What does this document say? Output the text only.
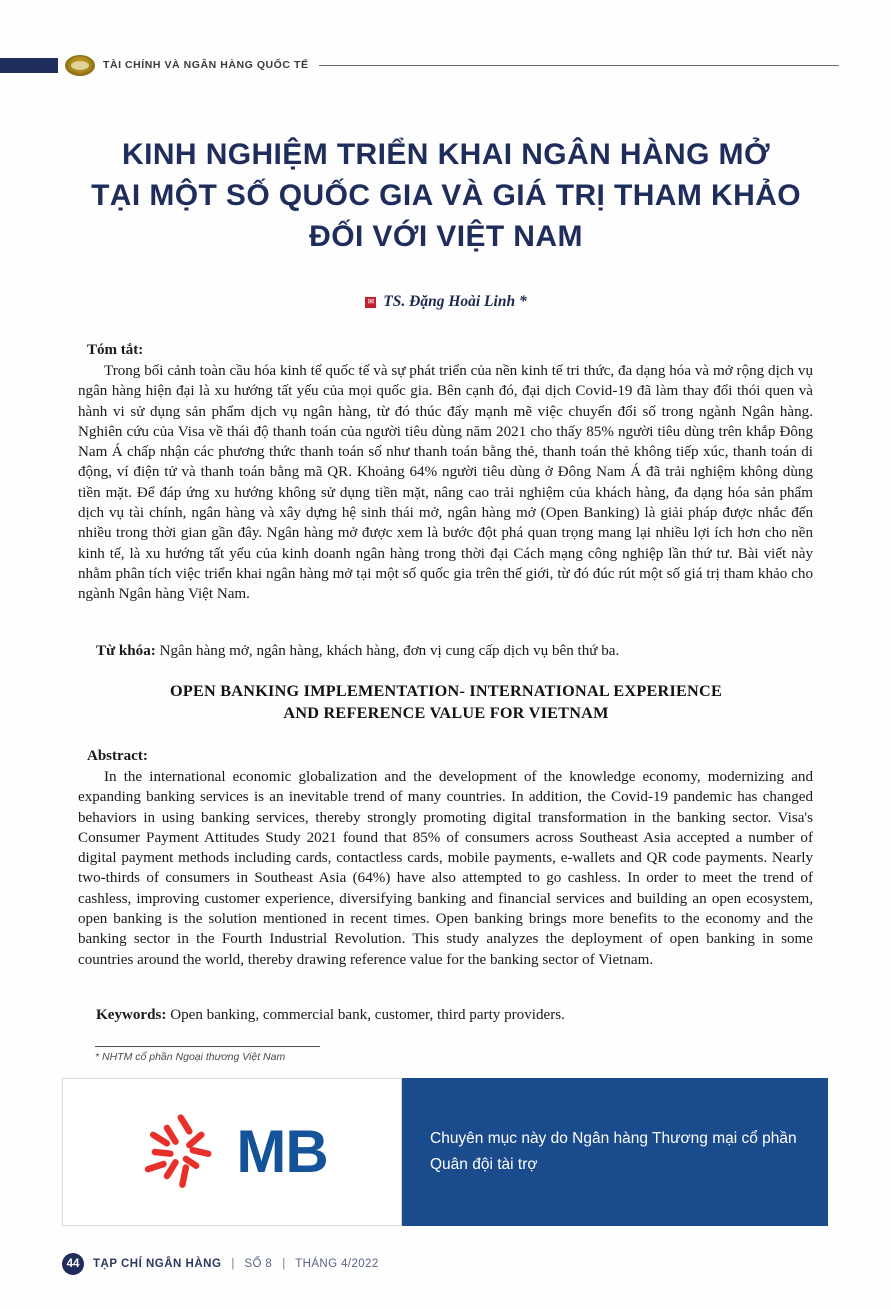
TÀI CHÍNH VÀ NGÂN HÀNG QUỐC TẾ
KINH NGHIỆM TRIỂN KHAI NGÂN HÀNG MỞ
TẠI MỘT SỐ QUỐC GIA VÀ GIÁ TRỊ THAM KHẢO
ĐỐI VỚI VIỆT NAM
✉ TS. Đặng Hoài Linh *
Tóm tắt:

Trong bối cảnh toàn cầu hóa kinh tế quốc tế và sự phát triển của nền kinh tế tri thức, đa dạng hóa và mở rộng dịch vụ ngân hàng hiện đại là xu hướng tất yếu của mọi quốc gia. Bên cạnh đó, đại dịch Covid-19 đã làm thay đổi thói quen và hành vi sử dụng sản phẩm dịch vụ ngân hàng, từ đó thúc đẩy mạnh mẽ việc chuyển đổi số trong ngành Ngân hàng. Nghiên cứu của Visa về thái độ thanh toán của người tiêu dùng năm 2021 cho thấy 85% người tiêu dùng trên khắp Đông Nam Á chấp nhận các phương thức thanh toán số như thanh toán bằng thẻ, thanh toán thẻ không tiếp xúc, thanh toán di động, ví điện tử và thanh toán bằng mã QR. Khoảng 64% người tiêu dùng ở Đông Nam Á đã trải nghiệm không dùng tiền mặt. Để đáp ứng xu hướng không sử dụng tiền mặt, nâng cao trải nghiệm của khách hàng, đa dạng hóa sản phẩm dịch vụ tài chính, ngân hàng và xây dựng hệ sinh thái mở, ngân hàng mở (Open Banking) là giải pháp được nhắc đến nhiều trong thời gian gần đây. Ngân hàng mở được xem là bước đột phá quan trọng mang lại nhiều lợi ích hơn cho nền kinh tế, là xu hướng tất yếu của kinh doanh ngân hàng trong thời đại Cách mạng công nghiệp lần thứ tư. Bài viết này nhằm phân tích việc triển khai ngân hàng mở tại một số quốc gia trên thế giới, từ đó đúc rút một số giá trị tham khảo cho ngành Ngân hàng Việt Nam.

Từ khóa: Ngân hàng mở, ngân hàng, khách hàng, đơn vị cung cấp dịch vụ bên thứ ba.

OPEN BANKING IMPLEMENTATION- INTERNATIONAL EXPERIENCE
AND REFERENCE VALUE FOR VIETNAM
Abstract:

In the international economic globalization and the development of the knowledge economy, modernizing and expanding banking services is an inevitable trend of many countries. In addition, the Covid-19 pandemic has changed behaviors in using banking services, thereby strongly promoting digital transformation in the banking sector. Visa's Consumer Payment Attitudes Study 2021 found that 85% of consumers across Southeast Asia accepted a number of digital payment methods including cards, contactless cards, mobile payments, e-wallets and QR code payments. Nearly two-thirds of consumers in Southeast Asia (64%) have also attempted to go cashless. In order to meet the trend of cashless, improving customer experience, diversifying banking and financial services and building an open ecosystem, open banking is the solution mentioned in recent times. Open banking brings more benefits to the economy and the banking sector in the Fourth Industrial Revolution. This study analyzes the deployment of open banking in some countries around the world, thereby drawing reference value for the banking sector of Vietnam.

Keywords: Open banking, commercial bank, customer, third party providers.

* NHTM cổ phần Ngoại thương Việt Nam
MB	Chuyên mục này do Ngân hàng Thương mại cổ phần
Quân đội tài trợ
44	TẠP CHÍ NGÂN HÀNG | SỐ 8 | THÁNG 4/2022
